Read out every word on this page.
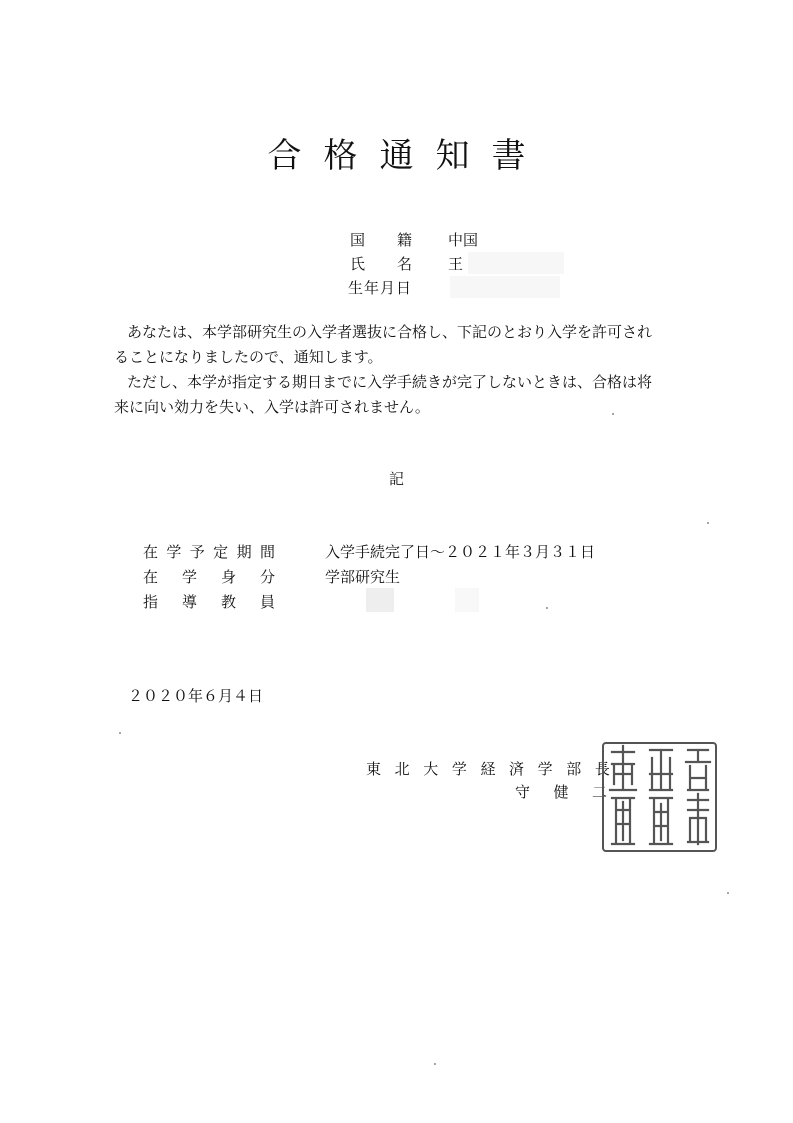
合格通知書
国 籍 中国
氏 名 王
生年月日

あなたは、本学部研究生の入学者選抜に合格し、下記のとおり入学を許可され

ることになりましたので、通知します。

ただし、本学が指定する期日までに入学手続きが完了しないときは、合格は将

来に向い効力を失い、入学は許可されません。

記
在 学 予 定 期 間	入学手続完了日～２０２１年３月３１日
在 学 身 分	学部研究生
指 導 教 員
２０２０年６月４日
東 北 大 学 経 済 学 部 長
守 健 二
